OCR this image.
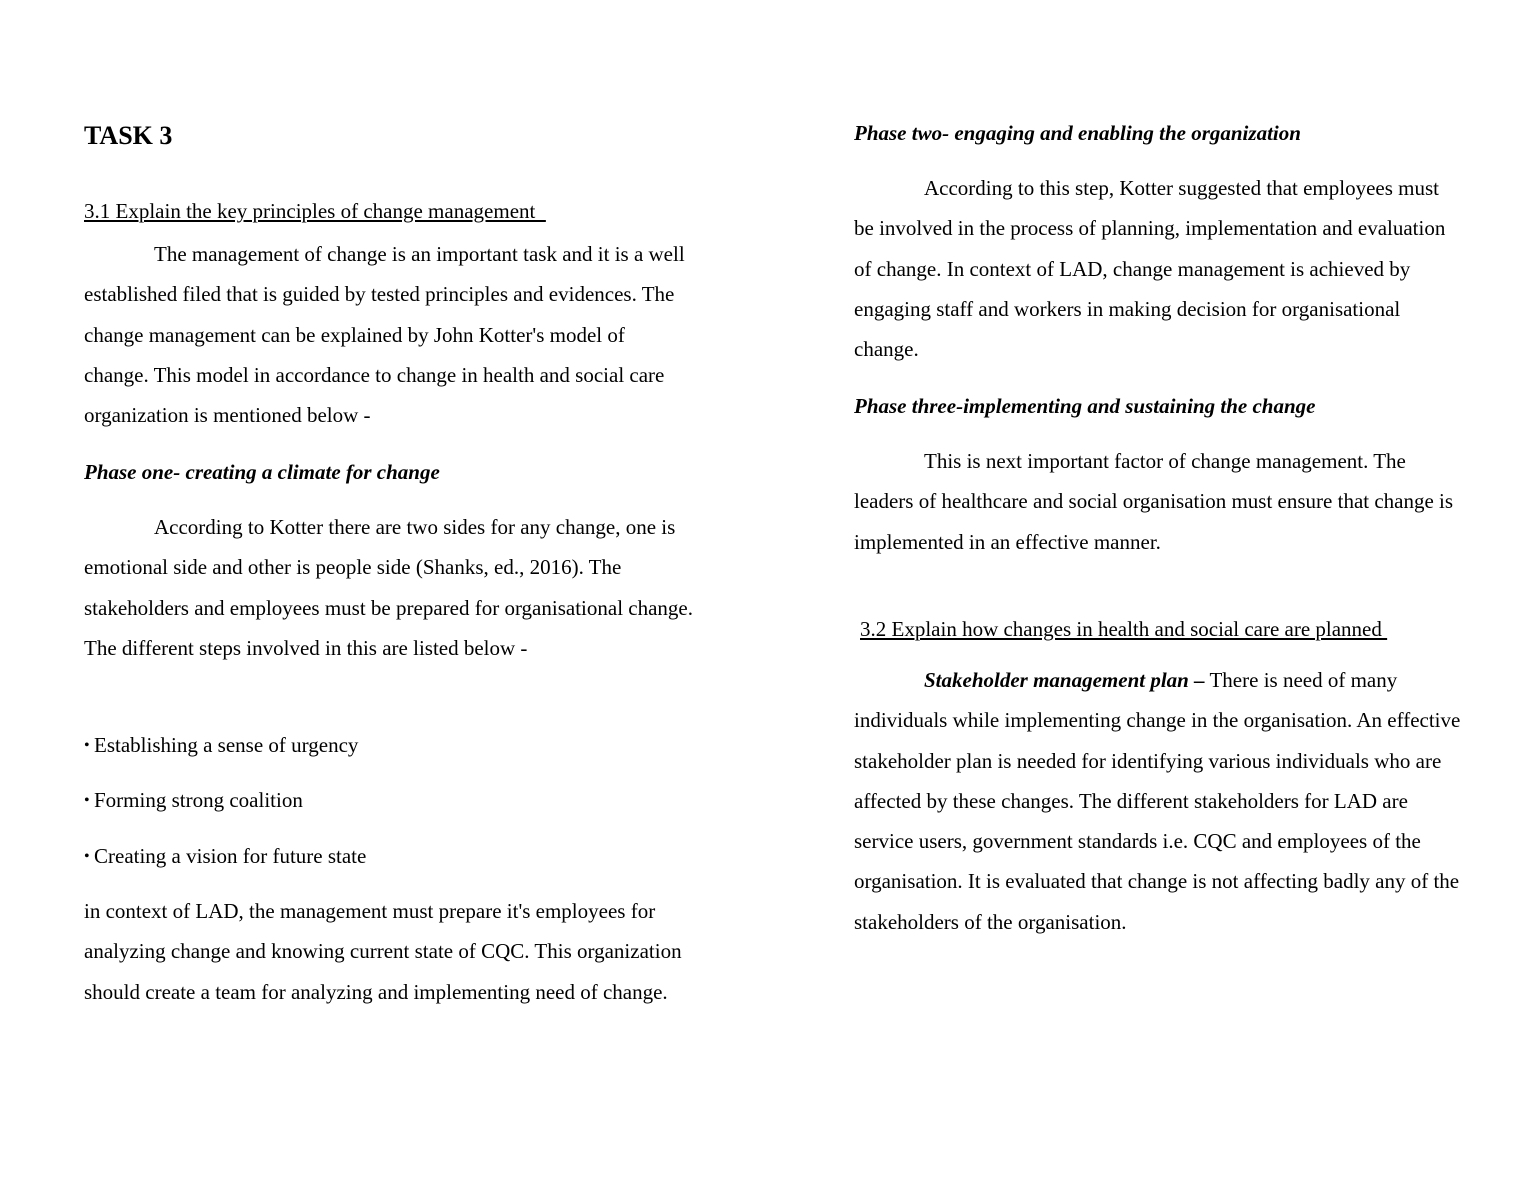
TASK 3

3.1 Explain the key principles of change management

The management of change is an important task and it is a well established filed that is guided by tested principles and evidences. The change management can be explained by John Kotter's model of change. This model in accordance to change in health and social care organization is mentioned below -

Phase one- creating a climate for change

According to Kotter there are two sides for any change, one is emotional side and other is people side (Shanks, ed., 2016). The stakeholders and employees must be prepared for organisational change. The different steps involved in this are listed below -

• Establishing a sense of urgency

• Forming strong coalition

• Creating a vision for future state

in context of LAD, the management must prepare it's employees for analyzing change and knowing current state of CQC. This organization should create a team for analyzing and implementing need of change.

Phase two- engaging and enabling the organization

According to this step, Kotter suggested that employees must be involved in the process of planning, implementation and evaluation of change. In context of LAD, change management is achieved by engaging staff and workers in making decision for organisational change.

Phase three-implementing and sustaining the change

This is next important factor of change management. The leaders of healthcare and social organisation must ensure that change is implemented in an effective manner.

3.2 Explain how changes in health and social care are planned

Stakeholder management plan – There is need of many individuals while implementing change in the organisation. An effective stakeholder plan is needed for identifying various individuals who are affected by these changes. The different stakeholders for LAD are service users, government standards i.e. CQC and employees of the organisation. It is evaluated that change is not affecting badly any of the stakeholders of the organisation.
